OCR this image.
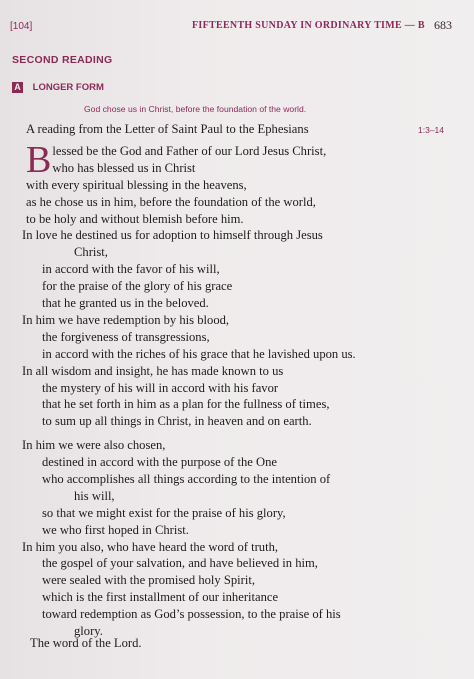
[104]	FIFTEENTH SUNDAY IN ORDINARY TIME — B 683
SECOND READING
A LONGER FORM
God chose us in Christ, before the foundation of the world.
A reading from the Letter of Saint Paul to the Ephesians	1:3–14
B lessed be the God and Father of our Lord Jesus Christ,
who has blessed us in Christ
with every spiritual blessing in the heavens,
as he chose us in him, before the foundation of the world,
to be holy and without blemish before him.
In love he destined us for adoption to himself through Jesus
Christ,
in accord with the favor of his will,
for the praise of the glory of his grace
that he granted us in the beloved.
In him we have redemption by his blood,
the forgiveness of transgressions,
in accord with the riches of his grace that he lavished upon us.
In all wisdom and insight, he has made known to us
the mystery of his will in accord with his favor
that he set forth in him as a plan for the fullness of times,
to sum up all things in Christ, in heaven and on earth.
In him we were also chosen,
destined in accord with the purpose of the One
who accomplishes all things according to the intention of
his will,
so that we might exist for the praise of his glory,
we who first hoped in Christ.
In him you also, who have heard the word of truth,
the gospel of your salvation, and have believed in him,
were sealed with the promised holy Spirit,
which is the first installment of our inheritance
toward redemption as God’s possession, to the praise of his
glory.
The word of the Lord.
